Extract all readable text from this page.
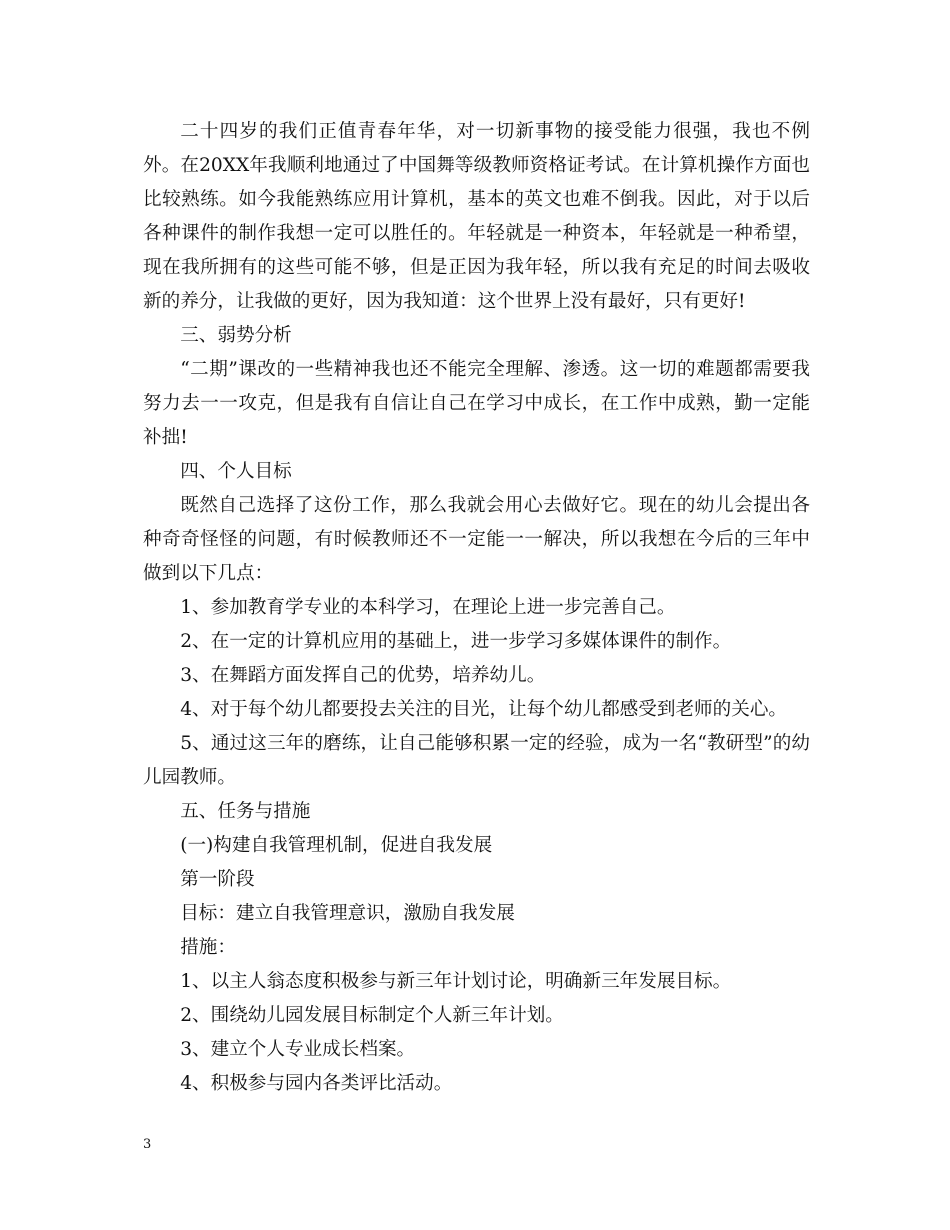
二十四岁的我们正值青春年华，对一切新事物的接受能力很强，我也不例外。在20XX年我顺利地通过了中国舞等级教师资格证考试。在计算机操作方面也比较熟练。如今我能熟练应用计算机，基本的英文也难不倒我。因此，对于以后各种课件的制作我想一定可以胜任的。年轻就是一种资本，年轻就是一种希望，现在我所拥有的这些可能不够，但是正因为我年轻，所以我有充足的时间去吸收新的养分，让我做的更好，因为我知道：这个世界上没有最好，只有更好!

三、弱势分析

“二期”课改的一些精神我也还不能完全理解、渗透。这一切的难题都需要我努力去一一攻克，但是我有自信让自己在学习中成长，在工作中成熟，勤一定能补拙!

四、个人目标

既然自己选择了这份工作，那么我就会用心去做好它。现在的幼儿会提出各种奇奇怪怪的问题，有时候教师还不一定能一一解决，所以我想在今后的三年中做到以下几点：

1、参加教育学专业的本科学习，在理论上进一步完善自己。

2、在一定的计算机应用的基础上，进一步学习多媒体课件的制作。

3、在舞蹈方面发挥自己的优势，培养幼儿。

4、对于每个幼儿都要投去关注的目光，让每个幼儿都感受到老师的关心。

5、通过这三年的磨练，让自己能够积累一定的经验，成为一名“教研型”的幼儿园教师。

五、任务与措施

(一)构建自我管理机制，促进自我发展

第一阶段

目标：建立自我管理意识，激励自我发展

措施：

1、以主人翁态度积极参与新三年计划讨论，明确新三年发展目标。

2、围绕幼儿园发展目标制定个人新三年计划。

3、建立个人专业成长档案。

4、积极参与园内各类评比活动。

3
